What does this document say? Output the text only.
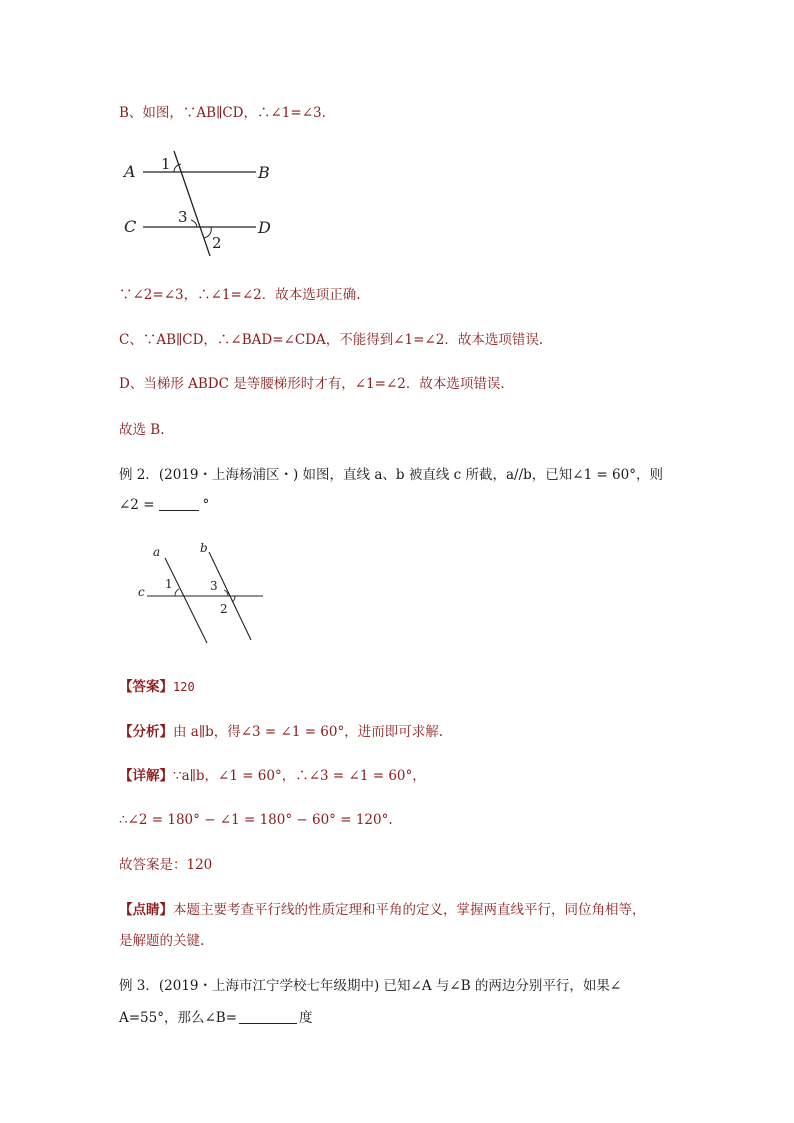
B、如图，∵AB∥CD，∴∠1=∠3.
A	B
C	D
1
3
2
∵∠2=∠3，∴∠1=∠2．故本选项正确.
C、∵AB∥CD，∴∠BAD=∠CDA，不能得到∠1=∠2．故本选项错误.
D、当梯形 ABDC 是等腰梯形时才有，∠1=∠2．故本选项错误.
故选 B.
例 2．(2019・上海杨浦区・) 如图，直线 a、b 被直线 c 所截，a//b，已知∠1 = 60°，则
∠2 =	°
a	b
c
1	3
2
【答案】120
【分析】由 a∥b，得∠3 = ∠1 = 60°，进而即可求解.
【详解】∵a∥b，∠1 = 60°，∴∠3 = ∠1 = 60°，
∴∠2 = 180° − ∠1 = 180° − 60° = 120°.
故答案是：120
【点睛】本题主要考查平行线的性质定理和平角的定义，掌握两直线平行，同位角相等，
是解题的关键.
例 3．(2019・上海市江宁学校七年级期中) 已知∠A 与∠B 的两边分别平行，如果∠
A=55°，那么∠B=	度
